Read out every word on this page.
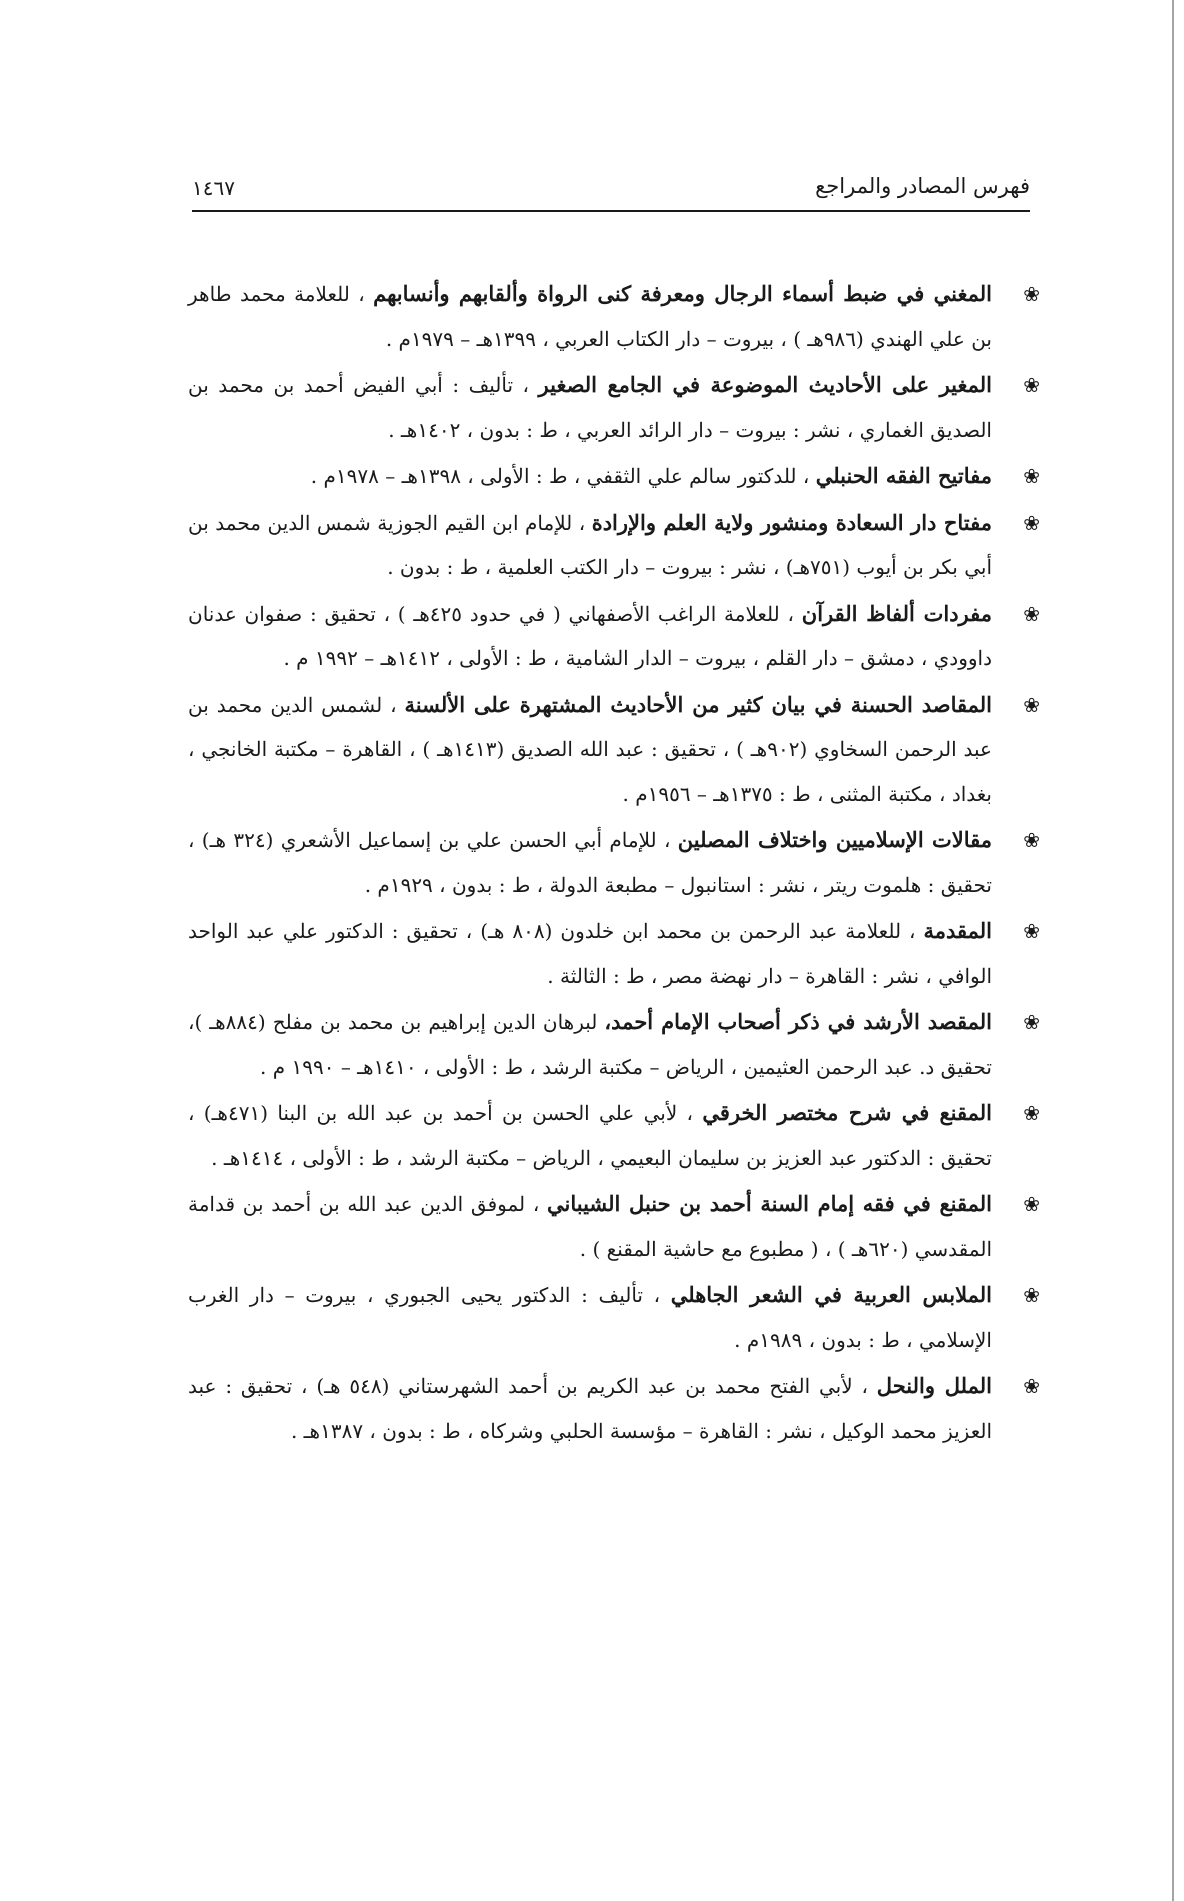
فهرس المصادر والمراجع
١٤٦٧
❀
المغني في ضبط أسماء الرجال ومعرفة كنى الرواة وألقابهم وأنسابهم ، للعلامة محمد طاهر بن علي الهندي (٩٨٦هـ ) ، بيروت – دار الكتاب العربي ، ١٣٩٩هـ – ١٩٧٩م .
❀
المغير على الأحاديث الموضوعة في الجامع الصغير ، تأليف : أبي الفيض أحمد بن محمد بن الصديق الغماري ، نشر : بيروت – دار الرائد العربي ، ط : بدون ، ١٤٠٢هـ .
❀
مفاتيح الفقه الحنبلي ، للدكتور سالم علي الثقفي ، ط : الأولى ، ١٣٩٨هـ – ١٩٧٨م .
❀
مفتاح دار السعادة ومنشور ولاية العلم والإرادة ، للإمام ابن القيم الجوزية شمس الدين محمد بن أبي بكر بن أيوب (٧٥١هـ) ، نشر : بيروت – دار الكتب العلمية ، ط : بدون .
❀
مفردات ألفاظ القرآن ، للعلامة الراغب الأصفهاني ( في حدود ٤٢٥هـ ) ، تحقيق : صفوان عدنان داوودي ، دمشق – دار القلم ، بيروت – الدار الشامية ، ط : الأولى ، ١٤١٢هـ – ١٩٩٢ م .
❀
المقاصد الحسنة في بيان كثير من الأحاديث المشتهرة على الألسنة ، لشمس الدين محمد بن عبد الرحمن السخاوي (٩٠٢هـ ) ، تحقيق : عبد الله الصديق (١٤١٣هـ ) ، القاهرة – مكتبة الخانجي ، بغداد ، مكتبة المثنى ، ط : ١٣٧٥هـ – ١٩٥٦م .
❀
مقالات الإسلاميين واختلاف المصلين ، للإمام أبي الحسن علي بن إسماعيل الأشعري (٣٢٤ هـ) ، تحقيق : هلموت ريتر ، نشر : استانبول – مطبعة الدولة ، ط : بدون ، ١٩٢٩م .
❀
المقدمة ، للعلامة عبد الرحمن بن محمد ابن خلدون (٨٠٨ هـ) ، تحقيق : الدكتور علي عبد الواحد الوافي ، نشر : القاهرة – دار نهضة مصر ، ط : الثالثة .
❀
المقصد الأرشد في ذكر أصحاب الإمام أحمد، لبرهان الدين إبراهيم بن محمد بن مفلح (٨٨٤هـ )، تحقيق د. عبد الرحمن العثيمين ، الرياض – مكتبة الرشد ، ط : الأولى ، ١٤١٠هـ – ١٩٩٠ م .
❀
المقنع في شرح مختصر الخرقي ، لأبي علي الحسن بن أحمد بن عبد الله بن البنا (٤٧١هـ) ، تحقيق : الدكتور عبد العزيز بن سليمان البعيمي ، الرياض – مكتبة الرشد ، ط : الأولى ، ١٤١٤هـ .
❀
المقنع في فقه إمام السنة أحمد بن حنبل الشيباني ، لموفق الدين عبد الله بن أحمد بن قدامة المقدسي (٦٢٠هـ ) ، ( مطبوع مع حاشية المقنع ) .
❀
الملابس العربية في الشعر الجاهلي ، تأليف : الدكتور يحيى الجبوري ، بيروت – دار الغرب الإسلامي ، ط : بدون ، ١٩٨٩م .
❀
الملل والنحل ، لأبي الفتح محمد بن عبد الكريم بن أحمد الشهرستاني (٥٤٨ هـ) ، تحقيق : عبد العزيز محمد الوكيل ، نشر : القاهرة – مؤسسة الحلبي وشركاه ، ط : بدون ، ١٣٨٧هـ .
